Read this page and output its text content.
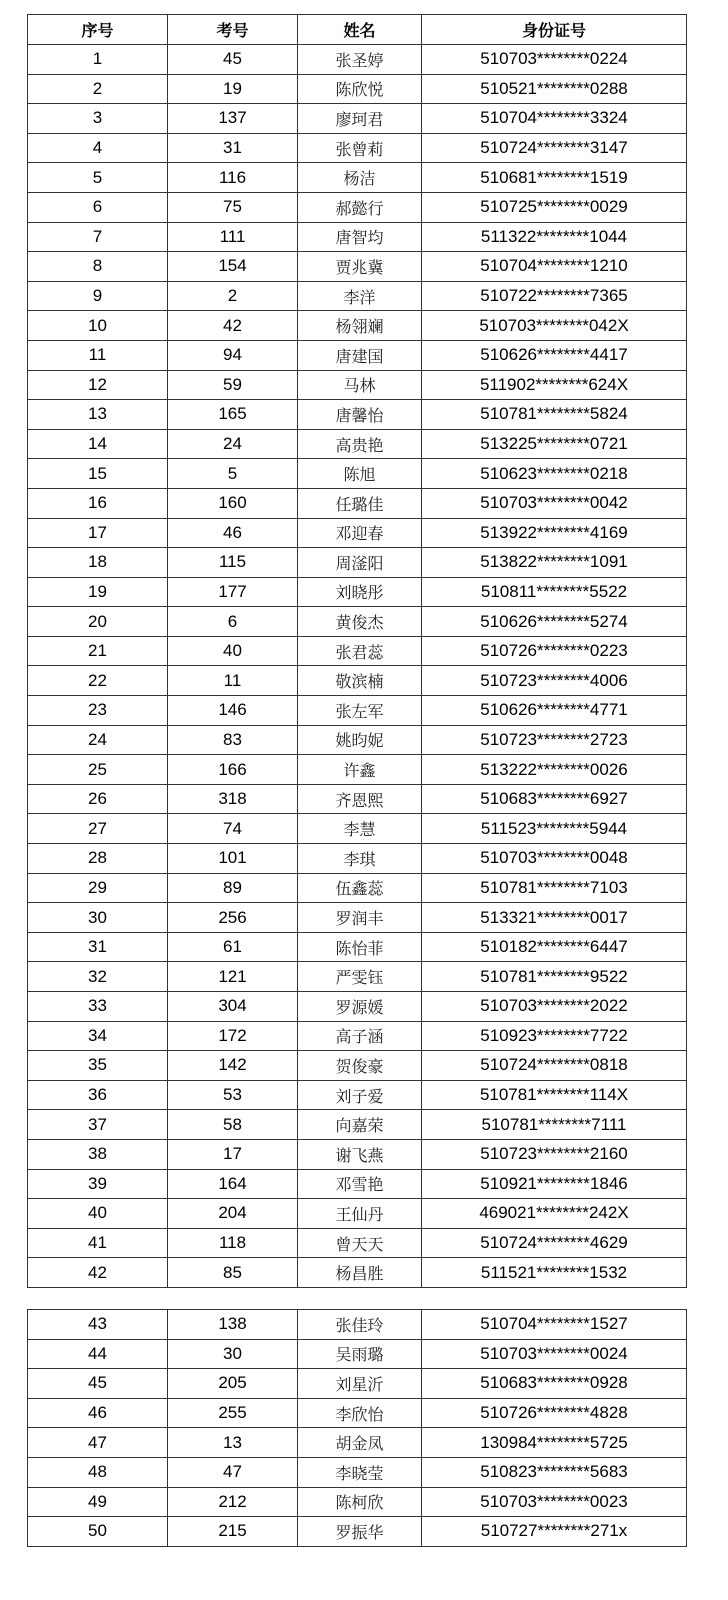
序号	考号	姓名	身份证号
1	45	张圣婷	510703********0224
2	19	陈欣悦	510521********0288
3	137	廖珂君	510704********3324
4	31	张曾莉	510724********3147
5	116	杨洁	510681********1519
6	75	郝懿行	510725********0029
7	111	唐智均	511322********1044
8	154	贾兆冀	510704********1210
9	2	李洋	510722********7365
10	42	杨翎斓	510703********042X
11	94	唐建国	510626********4417
12	59	马林	511902********624X
13	165	唐馨怡	510781********5824
14	24	高贵艳	513225********0721
15	5	陈旭	510623********0218
16	160	任璐佳	510703********0042
17	46	邓迎春	513922********4169
18	115	周滏阳	513822********1091
19	177	刘晓彤	510811********5522
20	6	黄俊杰	510626********5274
21	40	张君蕊	510726********0223
22	11	敬滨楠	510723********4006
23	146	张左军	510626********4771
24	83	姚昀妮	510723********2723
25	166	许鑫	513222********0026
26	318	齐恩熙	510683********6927
27	74	李慧	511523********5944
28	101	李琪	510703********0048
29	89	伍鑫蕊	510781********7103
30	256	罗润丰	513321********0017
31	61	陈怡菲	510182********6447
32	121	严雯钰	510781********9522
33	304	罗源媛	510703********2022
34	172	高子涵	510923********7722
35	142	贺俊豪	510724********0818
36	53	刘子爱	510781********114X
37	58	向嘉荣	510781********7111
38	17	谢飞燕	510723********2160
39	164	邓雪艳	510921********1846
40	204	王仙丹	469021********242X
41	118	曾天天	510724********4629
42	85	杨昌胜	511521********1532
43	138	张佳玲	510704********1527
44	30	吴雨璐	510703********0024
45	205	刘星沂	510683********0928
46	255	李欣怡	510726********4828
47	13	胡金凤	130984********5725
48	47	李晓莹	510823********5683
49	212	陈柯欣	510703********0023
50	215	罗振华	510727********271x
